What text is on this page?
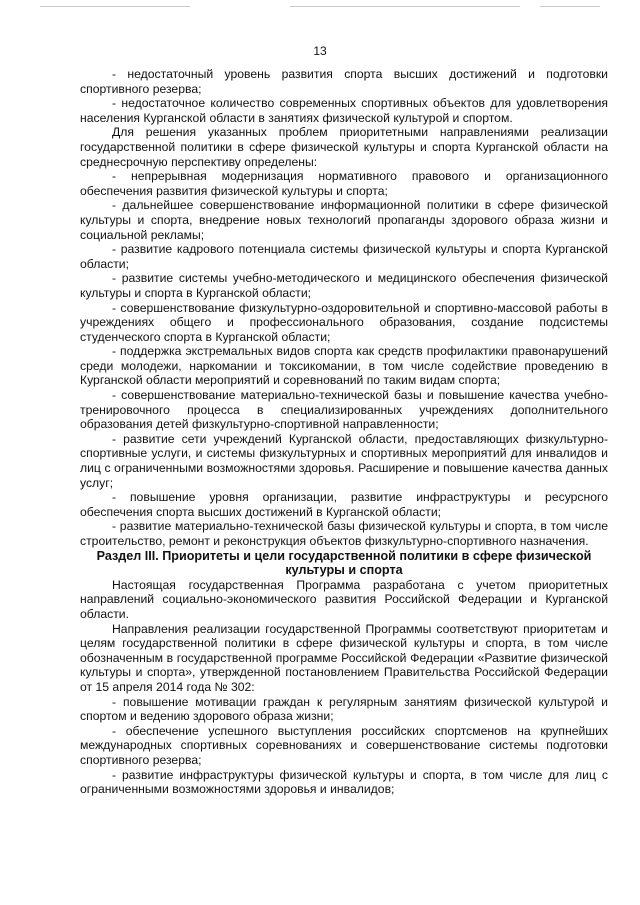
13

- недостаточный уровень развития спорта высших достижений и подготовки спортивного резерва;

- недостаточное количество современных спортивных объектов для удовлетворения населения Курганской области в занятиях физической культурой и спортом.

Для решения указанных проблем приоритетными направлениями реализации государственной политики в сфере физической культуры и спорта Курганской области на среднесрочную перспективу определены:

- непрерывная модернизация нормативного правового и организационного обеспечения развития физической культуры и спорта;

- дальнейшее совершенствование информационной политики в сфере физической культуры и спорта, внедрение новых технологий пропаганды здорового образа жизни и социальной рекламы;

- развитие кадрового потенциала системы физической культуры и спорта Курганской области;

- развитие системы учебно-методического и медицинского обеспечения физической культуры и спорта в Курганской области;

- совершенствование физкультурно-оздоровительной и спортивно-массовой работы в учреждениях общего и профессионального образования, создание подсистемы студенческого спорта в Курганской области;

- поддержка экстремальных видов спорта как средств профилактики правонарушений среди молодежи, наркомании и токсикомании, в том числе содействие проведению в Курганской области мероприятий и соревнований по таким видам спорта;

- совершенствование материально-технической базы и повышение качества учебно-тренировочного процесса в специализированных учреждениях дополнительного образования детей физкультурно-спортивной направленности;

- развитие сети учреждений Курганской области, предоставляющих физкультурно-спортивные услуги, и системы физкультурных и спортивных мероприятий для инвалидов и лиц с ограниченными возможностями здоровья. Расширение и повышение качества данных услуг;

- повышение уровня организации, развитие инфраструктуры и ресурсного обеспечения спорта высших достижений в Курганской области;

- развитие материально-технической базы физической культуры и спорта, в том числе строительство, ремонт и реконструкция объектов физкультурно-спортивного назначения.

Раздел III. Приоритеты и цели государственной политики в сфере физической культуры и спорта

Настоящая государственная Программа разработана с учетом приоритетных направлений социально-экономического развития Российской Федерации и Курганской области.

Направления реализации государственной Программы соответствуют приоритетам и целям государственной политики в сфере физической культуры и спорта, в том числе обозначенным в государственной программе Российской Федерации «Развитие физической культуры и спорта», утвержденной постановлением Правительства Российской Федерации от 15 апреля 2014 года № 302:

- повышение мотивации граждан к регулярным занятиям физической культурой и спортом и ведению здорового образа жизни;

- обеспечение успешного выступления российских спортсменов на крупнейших международных спортивных соревнованиях и совершенствование системы подготовки спортивного резерва;

- развитие инфраструктуры физической культуры и спорта, в том числе для лиц с ограниченными возможностями здоровья и инвалидов;
